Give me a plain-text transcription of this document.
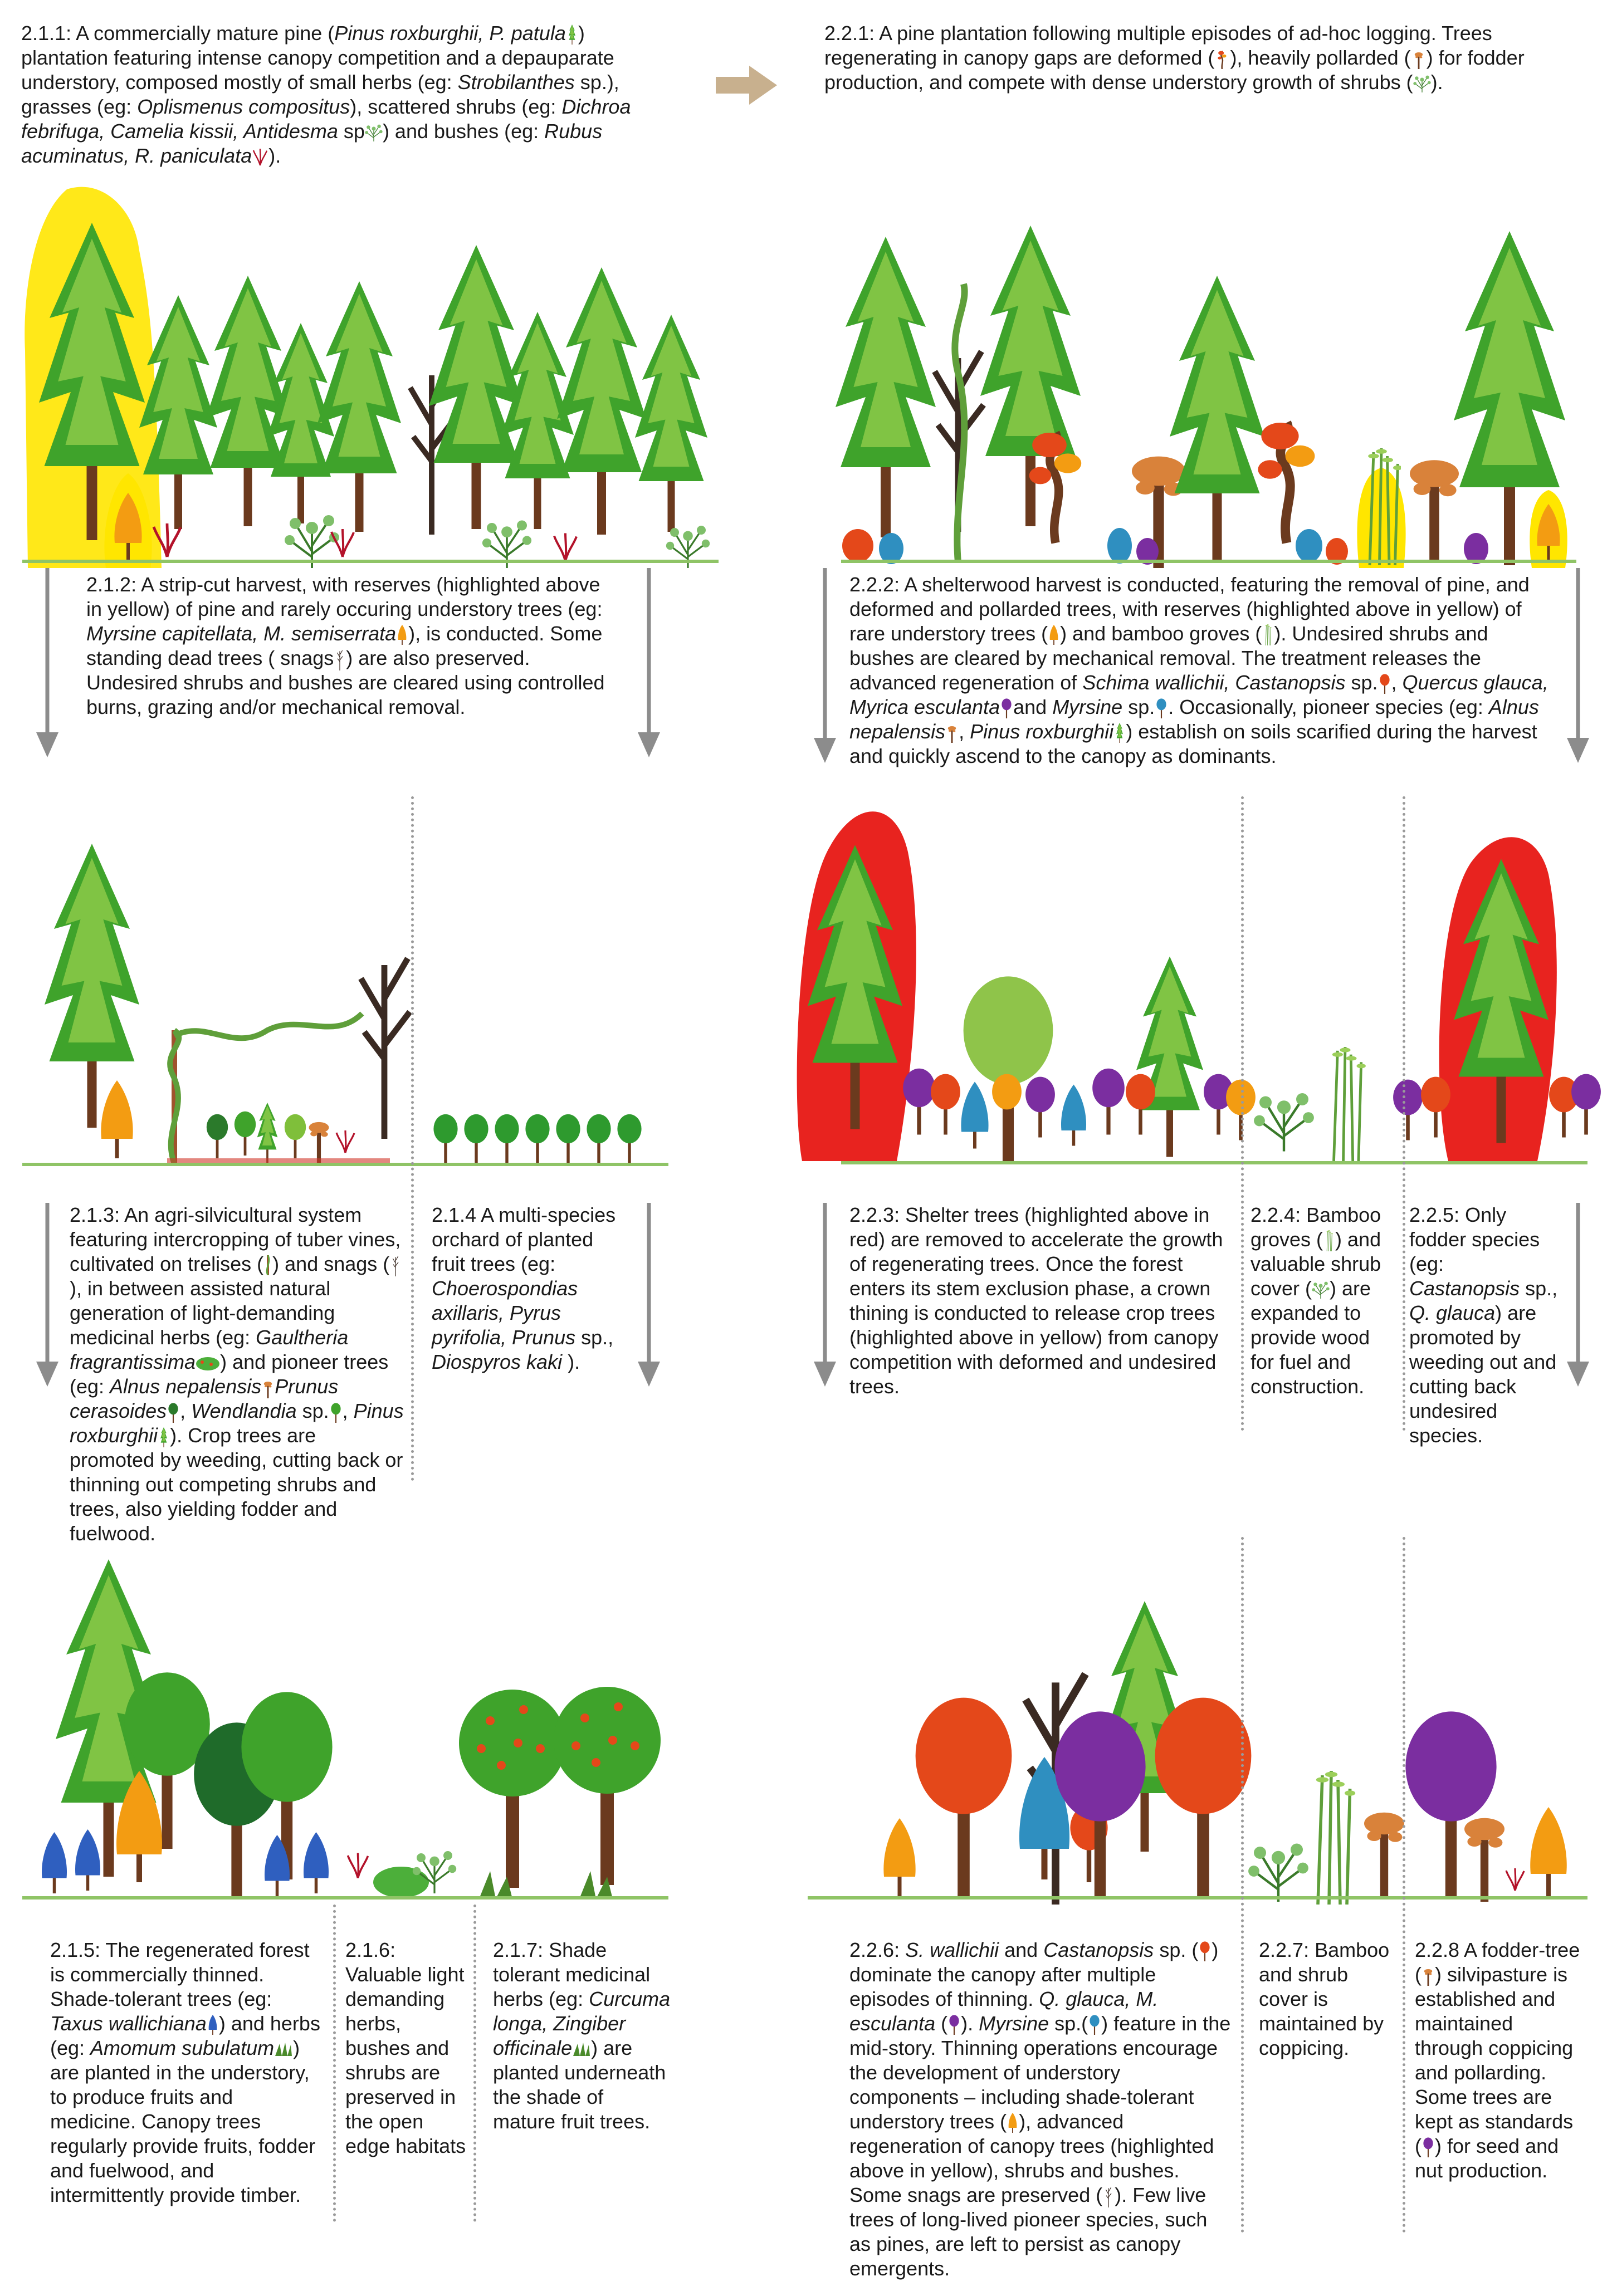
2.1.1: A commercially mature pine (Pinus roxburghii, P. patula ) plantation featuring intense canopy competition and a depauparate understory, composed mostly of small herbs (eg: Strobilanthes sp.), grasses (eg: Oplismenus compositus), scattered shrubs (eg: Dichroa febrifuga, Camelia kissii, Antidesma sp ) and bushes (eg: Rubus acuminatus, R. paniculata ).
2.2.1: A pine plantation following multiple episodes of ad-hoc logging. Trees regenerating in canopy gaps are deformed ( ), heavily pollarded ( ) for fodder production, and compete with dense understory growth of shrubs ( ).
2.1.2: A strip-cut harvest, with reserves (highlighted above in yellow) of pine and rarely occuring understory trees (eg: Myrsine capitellata, M. semiserrata ), is conducted. Some standing dead trees ( snags ) are also preserved. Undesired shrubs and bushes are cleared using controlled burns, grazing and/or mechanical removal.
2.2.2: A shelterwood harvest is conducted, featuring the removal of pine, and deformed and pollarded trees, with reserves (highlighted above in yellow) of rare understory trees ( ) and bamboo groves ( ). Undesired shrubs and bushes are cleared by mechanical removal. The treatment releases the advanced regeneration of Schima wallichii, Castanopsis sp. , Quercus glauca, Myrica esculanta and Myrsine sp. . Occasionally, pioneer species (eg: Alnus nepalensis , Pinus roxburghii ) establish on soils scarified during the harvest and quickly ascend to the canopy as dominants.
2.1.3: An agri-silvicultural system featuring intercropping of tuber vines, cultivated on trelises ( ) and snags (), in between assisted natural generation of light-demanding medicinal herbs (eg: Gaultheria fragrantissima ) and pioneer trees (eg: Alnus nepalensis Prunus cerasoides , Wendlandia sp. , Pinus roxburghii ). Crop trees are promoted by weeding, cutting back or thinning out competing shrubs and trees, also yielding fodder and fuelwood.
2.1.4 A multi-species orchard of planted fruit trees (eg: Choerospondias axillaris, Pyrus pyrifolia, Prunus sp., Diospyros kaki ).
2.2.3: Shelter trees (highlighted above in red) are removed to accelerate the growth of regenerating trees. Once the forest enters its stem exclusion phase, a crown thining is conducted to release crop trees (highlighted above in yellow) from canopy competition with deformed and undesired trees.
2.2.4: Bamboo groves ( ) and valuable shrub cover ( ) are expanded to provide wood for fuel and construction.
2.2.5: Only fodder species (eg: Castanopsis sp., Q. glauca) are promoted by weeding out and cutting back undesired species.
2.1.5: The regenerated forest is commercially thinned. Shade-tolerant trees (eg: Taxus wallichiana ) and herbs (eg: Amomum subulatum ) are planted in the understory, to produce fruits and medicine. Canopy trees regularly provide fruits, fodder and fuelwood, and intermittently provide timber.
2.1.6: Valuable light demanding herbs, bushes and shrubs are preserved in the open edge habitats
2.1.7: Shade tolerant medicinal herbs (eg: Curcuma longa, Zingiber officinale ) are planted underneath the shade of mature fruit trees.
2.2.6: S. wallichii and Castanopsis sp. ( ) dominate the canopy after multiple episodes of thinning. Q. glauca, M. esculanta ( ). Myrsine sp.( ) feature in the mid-story. Thinning operations encourage the development of understory components – including shade-tolerant understory trees ( ), advanced regeneration of canopy trees (highlighted above in yellow), shrubs and bushes. Some snags are preserved ( ). Few live trees of long-lived pioneer species, such as pines, are left to persist as canopy emergents.
2.2.7: Bamboo and shrub cover is maintained by coppicing.
2.2.8 A fodder-tree ( ) silvipasture is established and maintained through coppicing and pollarding. Some trees are kept as standards ( ) for seed and nut production.
